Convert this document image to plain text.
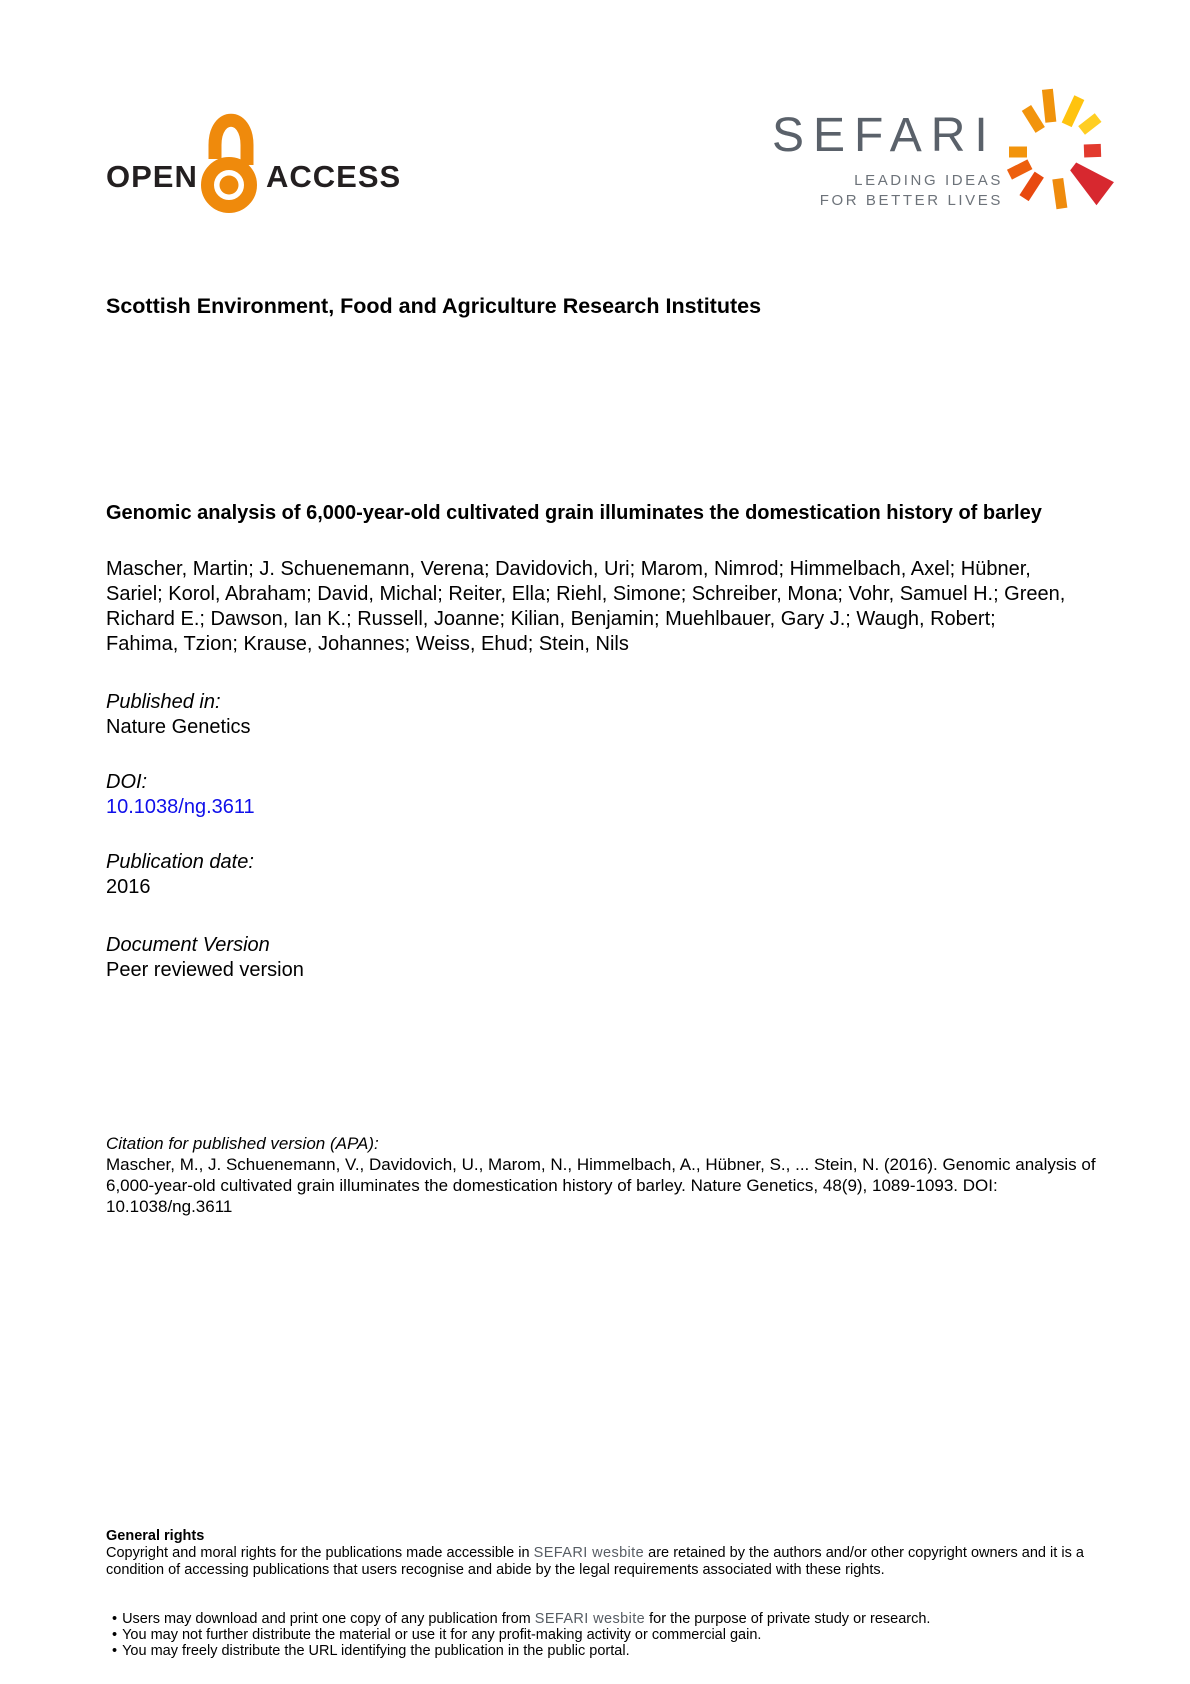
OPEN ACCESS
SEFARI
LEADING IDEAS
FOR BETTER LIVES
Scottish Environment, Food and Agriculture Research Institutes
Genomic analysis of 6,000-year-old cultivated grain illuminates the domestication history of barley
Mascher, Martin; J. Schuenemann, Verena; Davidovich, Uri; Marom, Nimrod; Himmelbach, Axel; Hübner, Sariel; Korol, Abraham; David, Michal; Reiter, Ella; Riehl, Simone; Schreiber, Mona; Vohr, Samuel H.; Green, Richard E.; Dawson, Ian K.; Russell, Joanne; Kilian, Benjamin; Muehlbauer, Gary J.; Waugh, Robert; Fahima, Tzion; Krause, Johannes; Weiss, Ehud; Stein, Nils
Published in:
Nature Genetics
DOI:
10.1038/ng.3611
Publication date:
2016
Document Version
Peer reviewed version
Citation for published version (APA):
Mascher, M., J. Schuenemann, V., Davidovich, U., Marom, N., Himmelbach, A., Hübner, S., ... Stein, N. (2016). Genomic analysis of 6,000-year-old cultivated grain illuminates the domestication history of barley. Nature Genetics, 48(9), 1089-1093. DOI: 10.1038/ng.3611
General rights

Copyright and moral rights for the publications made accessible in SEFARI wesbite are retained by the authors and/or other copyright owners and it is a condition of accessing publications that users recognise and abide by the legal requirements associated with these rights.

• Users may download and print one copy of any publication from SEFARI wesbite for the purpose of private study or research.
• You may not further distribute the material or use it for any profit-making activity or commercial gain.
• You may freely distribute the URL identifying the publication in the public portal.
